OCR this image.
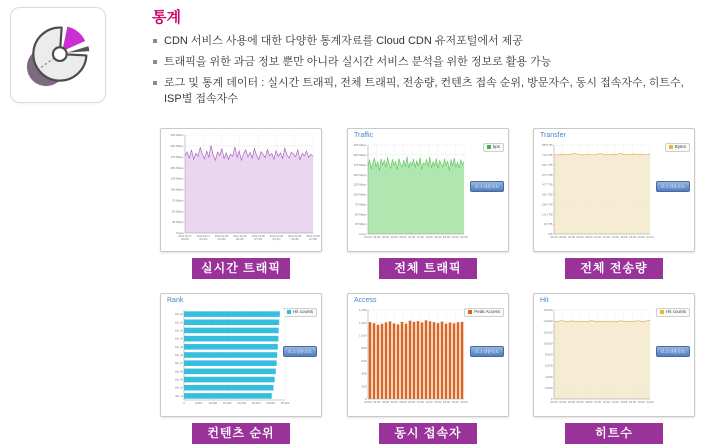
통계
CDN 서비스 사용에 대한 다양한 통계자료를 Cloud CDN 유저포털에서 제공
트래픽을 위한 과금 정보 뿐만 아니라 실시간 서비스 분석을 위한 정보로 활용 가능
로그 및 통계 데이터 : 실시간 트래픽, 전체 트래픽, 전송량, 컨텐츠 접속 순위, 방문자수, 동시 접속자수, 히트수, ISP별 접속자수
225 Mbps
200 Mbps
175 Mbps
150 Mbps
125 Mbps
100 Mbps
75 Mbps
50 Mbps
25 Mbps
0 bps
2012-02-07 (19:00)
2012-02-07 (22:00)
2012-02-08 (01:00)
2012-02-08 (04:00)
2012-02-08 (07:00)
2012-02-08 (10:00)
2012-02-08 (13:00)
2012-02-08 (17:00)
실시간 트래픽
Traffic
bps
225 Mbps
200 Mbps
175 Mbps
150 Mbps
125 Mbps
100 Mbps
75 Mbps
50 Mbps
25 Mbps
0 bps
00:00 02:00 04:00 06:00 08:00 10:00 12:00 14:00 16:00 18:00 20:00 22:00
로그 다운로드
전체 트래픽
Transfer
Bytes
85.8 TB
76.2 TB
66.7 TB
57.2 TB
47.7 TB
38.1 TB
28.6 TB
19.1 TB
9.5 TB
0 B
00:00 02:00 04:00 06:00 08:00 10:00 12:00 14:00 16:00 18:00 20:00 22:00
로그 다운로드
전체 전송량
Rank
Hit counts
0	5,000 10,000 15,000 20,000 25,000 30,000 35,000
/file_01
/file_02
/file_03
/file_04
/file_05
/file_06
/file_07
/file_08
/file_09
/file_10
/file_11
로그 다운로드
컨텐츠 순위
Access
Peak Access
1,400
1,200
1,000
800
600
400
200
0
00:00 02:00 04:00 06:00 08:00 10:00 12:00 14:00 16:00 18:00 20:00 22:00
로그 다운로드
동시 접속자
Hit
Hit counts
16,000
14,000
12,000
10,000
8,000
6,000
4,000
2,000
0
00:00 02:00 04:00 06:00 08:00 10:00 12:00 14:00 16:00 18:00 20:00 22:00
로그 다운로드
히트수
